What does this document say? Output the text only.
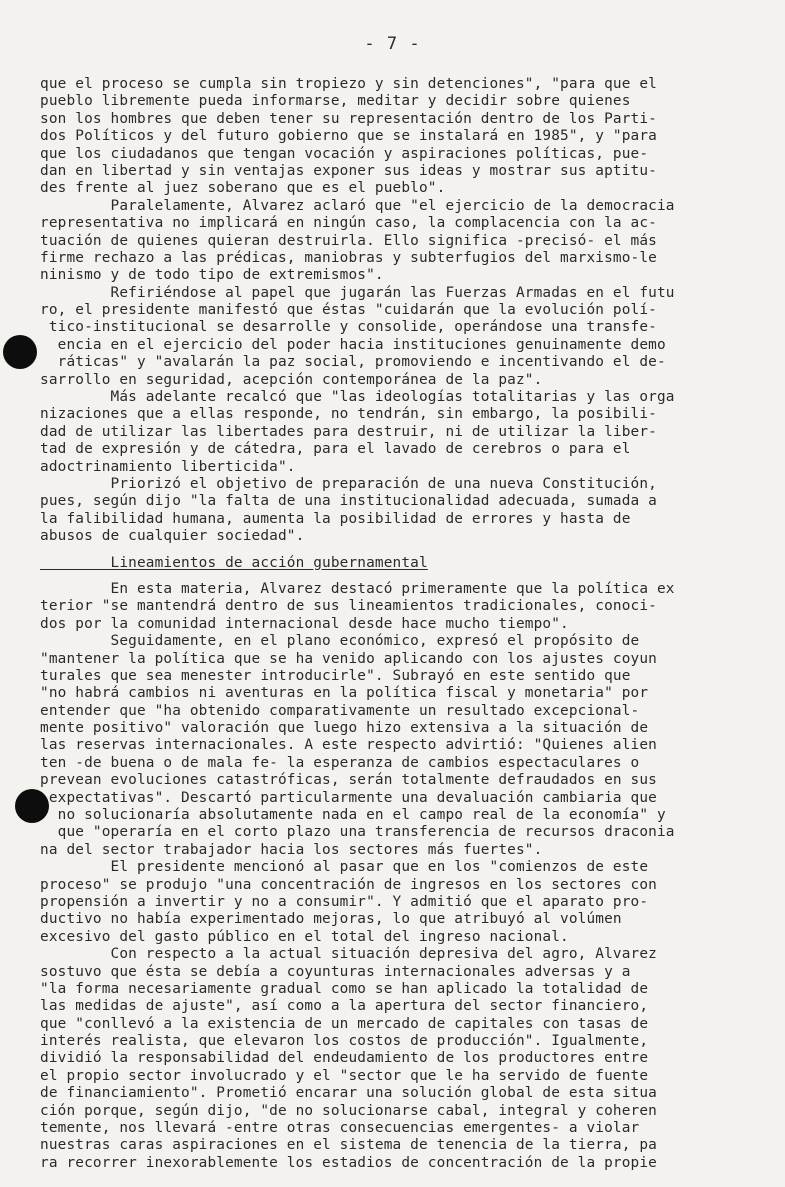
- 7 -
que el proceso se cumpla sin tropiezo y sin detenciones", "para que el
pueblo libremente pueda informarse, meditar y decidir sobre quienes
son los hombres que deben tener su representación dentro de los Parti-
dos Políticos y del futuro gobierno que se instalará en 1985", y "para
que los ciudadanos que tengan vocación y aspiraciones políticas, pue-
dan en libertad y sin ventajas exponer sus ideas y mostrar sus aptitu-
des frente al juez soberano que es el pueblo".
Paralelamente, Alvarez aclaró que "el ejercicio de la democracia
representativa no implicará en ningún caso, la complacencia con la ac-
tuación de quienes quieran destruirla. Ello significa -precisó- el más
firme rechazo a las prédicas, maniobras y subterfugios del marxismo-le
ninismo y de todo tipo de extremismos".
Refiriéndose al papel que jugarán las Fuerzas Armadas en el futu
ro, el presidente manifestó que éstas "cuidarán que la evolución polí-
tico-institucional se desarrolle y consolide, operándose una transfe-
encia en el ejercicio del poder hacia instituciones genuinamente demo
ráticas" y "avalarán la paz social, promoviendo e incentivando el de-
sarrollo en seguridad, acepción contemporánea de la paz".
Más adelante recalcó que "las ideologías totalitarias y las orga
nizaciones que a ellas responde, no tendrán, sin embargo, la posibili-
dad de utilizar las libertades para destruir, ni de utilizar la liber-
tad de expresión y de cátedra, para el lavado de cerebros o para el
adoctrinamiento liberticida".
Priorizó el objetivo de preparación de una nueva Constitución,
pues, según dijo "la falta de una institucionalidad adecuada, sumada a
la falibilidad humana, aumenta la posibilidad de errores y hasta de
abusos de cualquier sociedad".
Lineamientos de acción gubernamental
En esta materia, Alvarez destacó primeramente que la política ex
terior "se mantendrá dentro de sus lineamientos tradicionales, conoci-
dos por la comunidad internacional desde hace mucho tiempo".
Seguidamente, en el plano económico, expresó el propósito de
"mantener la política que se ha venido aplicando con los ajustes coyun
turales que sea menester introducirle". Subrayó en este sentido que
"no habrá cambios ni aventuras en la política fiscal y monetaria" por
entender que "ha obtenido comparativamente un resultado excepcional-
mente positivo" valoración que luego hizo extensiva a la situación de
las reservas internacionales. A este respecto advirtió: "Quienes alien
ten -de buena o de mala fe- la esperanza de cambios espectaculares o
prevean evoluciones catastróficas, serán totalmente defraudados en sus
expectativas". Descartó particularmente una devaluación cambiaria que
no solucionaría absolutamente nada en el campo real de la economía" y
que "operaría en el corto plazo una transferencia de recursos draconia
na del sector trabajador hacia los sectores más fuertes".
El presidente mencionó al pasar que en los "comienzos de este
proceso" se produjo "una concentración de ingresos en los sectores con
propensión a invertir y no a consumir". Y admitió que el aparato pro-
ductivo no había experimentado mejoras, lo que atribuyó al volúmen
excesivo del gasto público en el total del ingreso nacional.
Con respecto a la actual situación depresiva del agro, Alvarez
sostuvo que ésta se debía a coyunturas internacionales adversas y a
"la forma necesariamente gradual como se han aplicado la totalidad de
las medidas de ajuste", así como a la apertura del sector financiero,
que "conllevó a la existencia de un mercado de capitales con tasas de
interés realista, que elevaron los costos de producción". Igualmente,
dividió la responsabilidad del endeudamiento de los productores entre
el propio sector involucrado y el "sector que le ha servido de fuente
de financiamiento". Prometió encarar una solución global de esta situa
ción porque, según dijo, "de no solucionarse cabal, integral y coheren
temente, nos llevará -entre otras consecuencias emergentes- a violar
nuestras caras aspiraciones en el sistema de tenencia de la tierra, pa
ra recorrer inexorablemente los estadios de concentración de la propie
